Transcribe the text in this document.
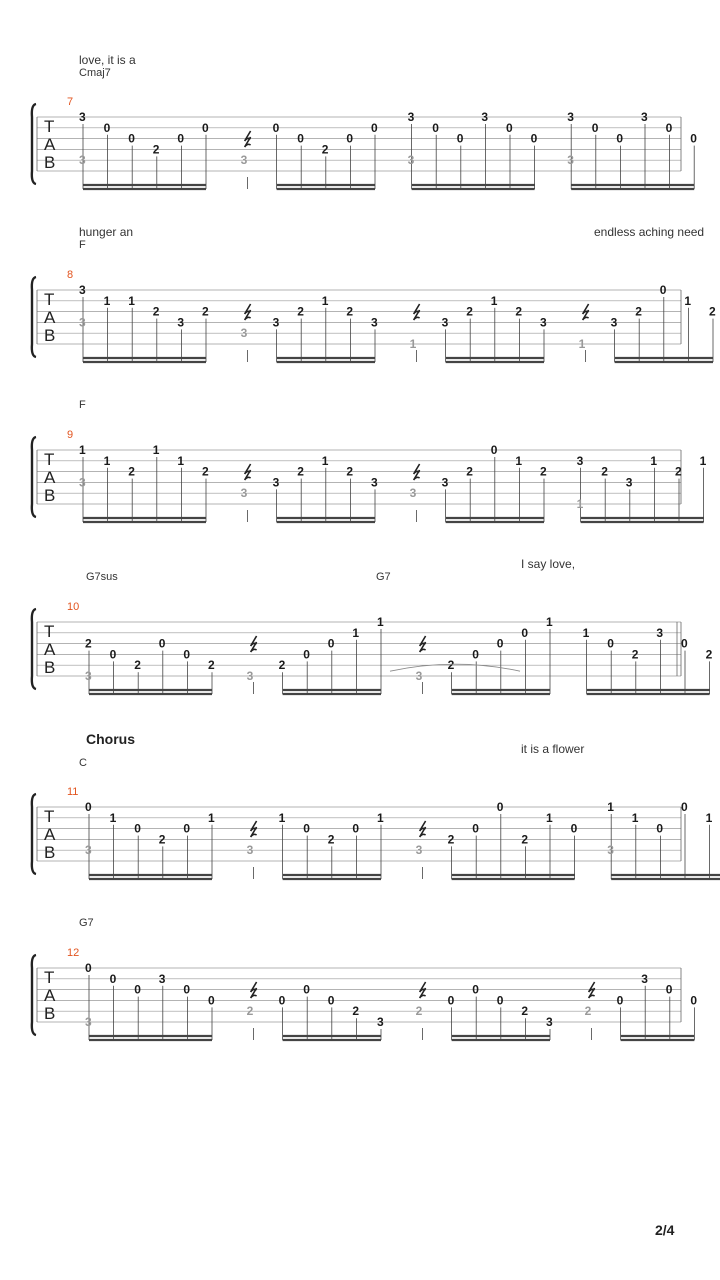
Chorus
2/4
7
Cmaj7
love, it is a
T
A
B
3
3
0
0
2
0
0
3
0
0
2
0
0
3
3
0
0
3
0
0
3
3
0
0
3
0
0
8
F
hunger an	endless aching need
T
A
B
3
3
1 1
2
3
2
3
3
2
1
2
3
1
3
2
1
2
3
1
3
2
0
1
2
9
F
T
A
B
1
3
1
2
1
1
2
3
3
2
1
2
3
3
3
2
0
1
2
3
1
2
3
1
2
1
10
G7sus	G7
I say love,
T
A
B
2
3
0
2
0
0
2
3
2
0
0
1
1
3
2
0
0
0
1
1
0
2
3
0
2
11
C
it is a flower
T
A
B
0
3
1
0
2
0
1
3
1
0
2
0
1
3
2
0
0
2
1
0
1
3
1
0
0
1
12
G7
T
A
B
0
3
0
0
3
0
0
2
0
0
0
2
3
2
0
0
0
2
3
2
0
3
0
0
